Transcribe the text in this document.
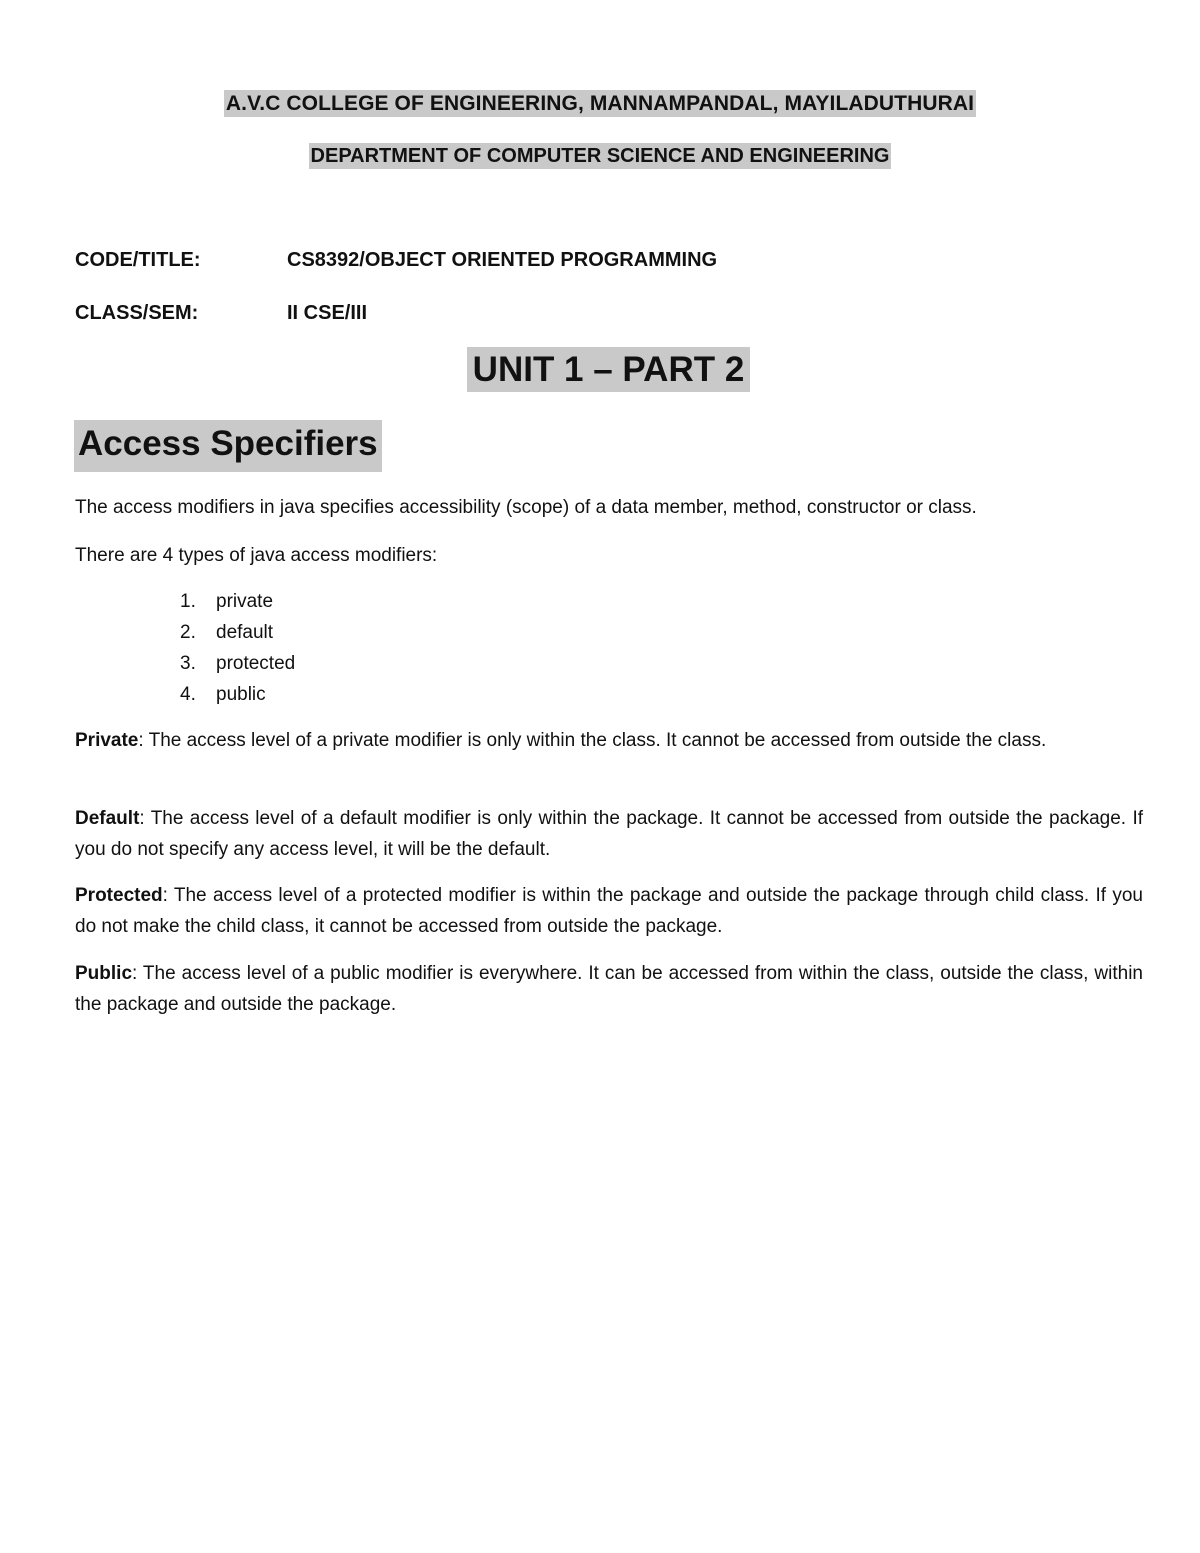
A.V.C COLLEGE OF ENGINEERING, MANNAMPANDAL, MAYILADUTHURAI
DEPARTMENT OF COMPUTER SCIENCE AND ENGINEERING
CODE/TITLE:	CS8392/OBJECT ORIENTED PROGRAMMING
CLASS/SEM:	II CSE/III
UNIT 1 – PART 2
Access Specifiers
The access modifiers in java specifies accessibility (scope) of a data member, method, constructor or class.
There are 4 types of java access modifiers:
1. private
2. default
3. protected
4. public
Private: The access level of a private modifier is only within the class. It cannot be accessed from outside the class.
Default: The access level of a default modifier is only within the package. It cannot be accessed from outside the package. If you do not specify any access level, it will be the default.
Protected: The access level of a protected modifier is within the package and outside the package through child class. If you do not make the child class, it cannot be accessed from outside the package.
Public: The access level of a public modifier is everywhere. It can be accessed from within the class, outside the class, within the package and outside the package.
